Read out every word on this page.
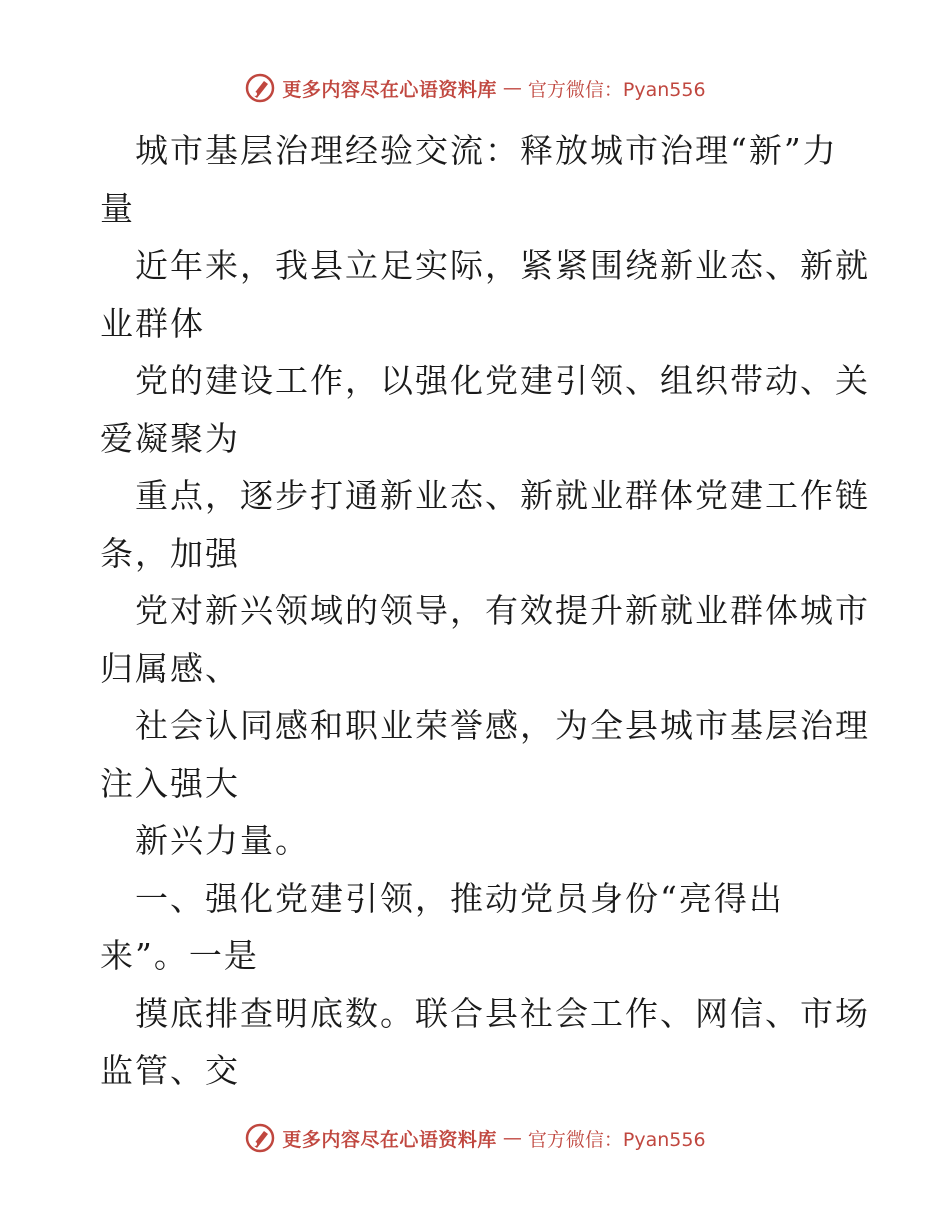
更多内容尽在心语资料库 — 官方微信：Pyan556
城市基层治理经验交流：释放城市治理“新”力
量
近年来，我县立足实际，紧紧围绕新业态、新就
业群体
党的建设工作，以强化党建引领、组织带动、关
爱凝聚为
重点，逐步打通新业态、新就业群体党建工作链
条，加强
党对新兴领域的领导，有效提升新就业群体城市
归属感、
社会认同感和职业荣誉感，为全县城市基层治理
注入强大
新兴力量。
一、强化党建引领，推动党员身份“亮得出
来”。一是
摸底排查明底数。联合县社会工作、网信、市场
监管、交
更多内容尽在心语资料库 — 官方微信：Pyan556
